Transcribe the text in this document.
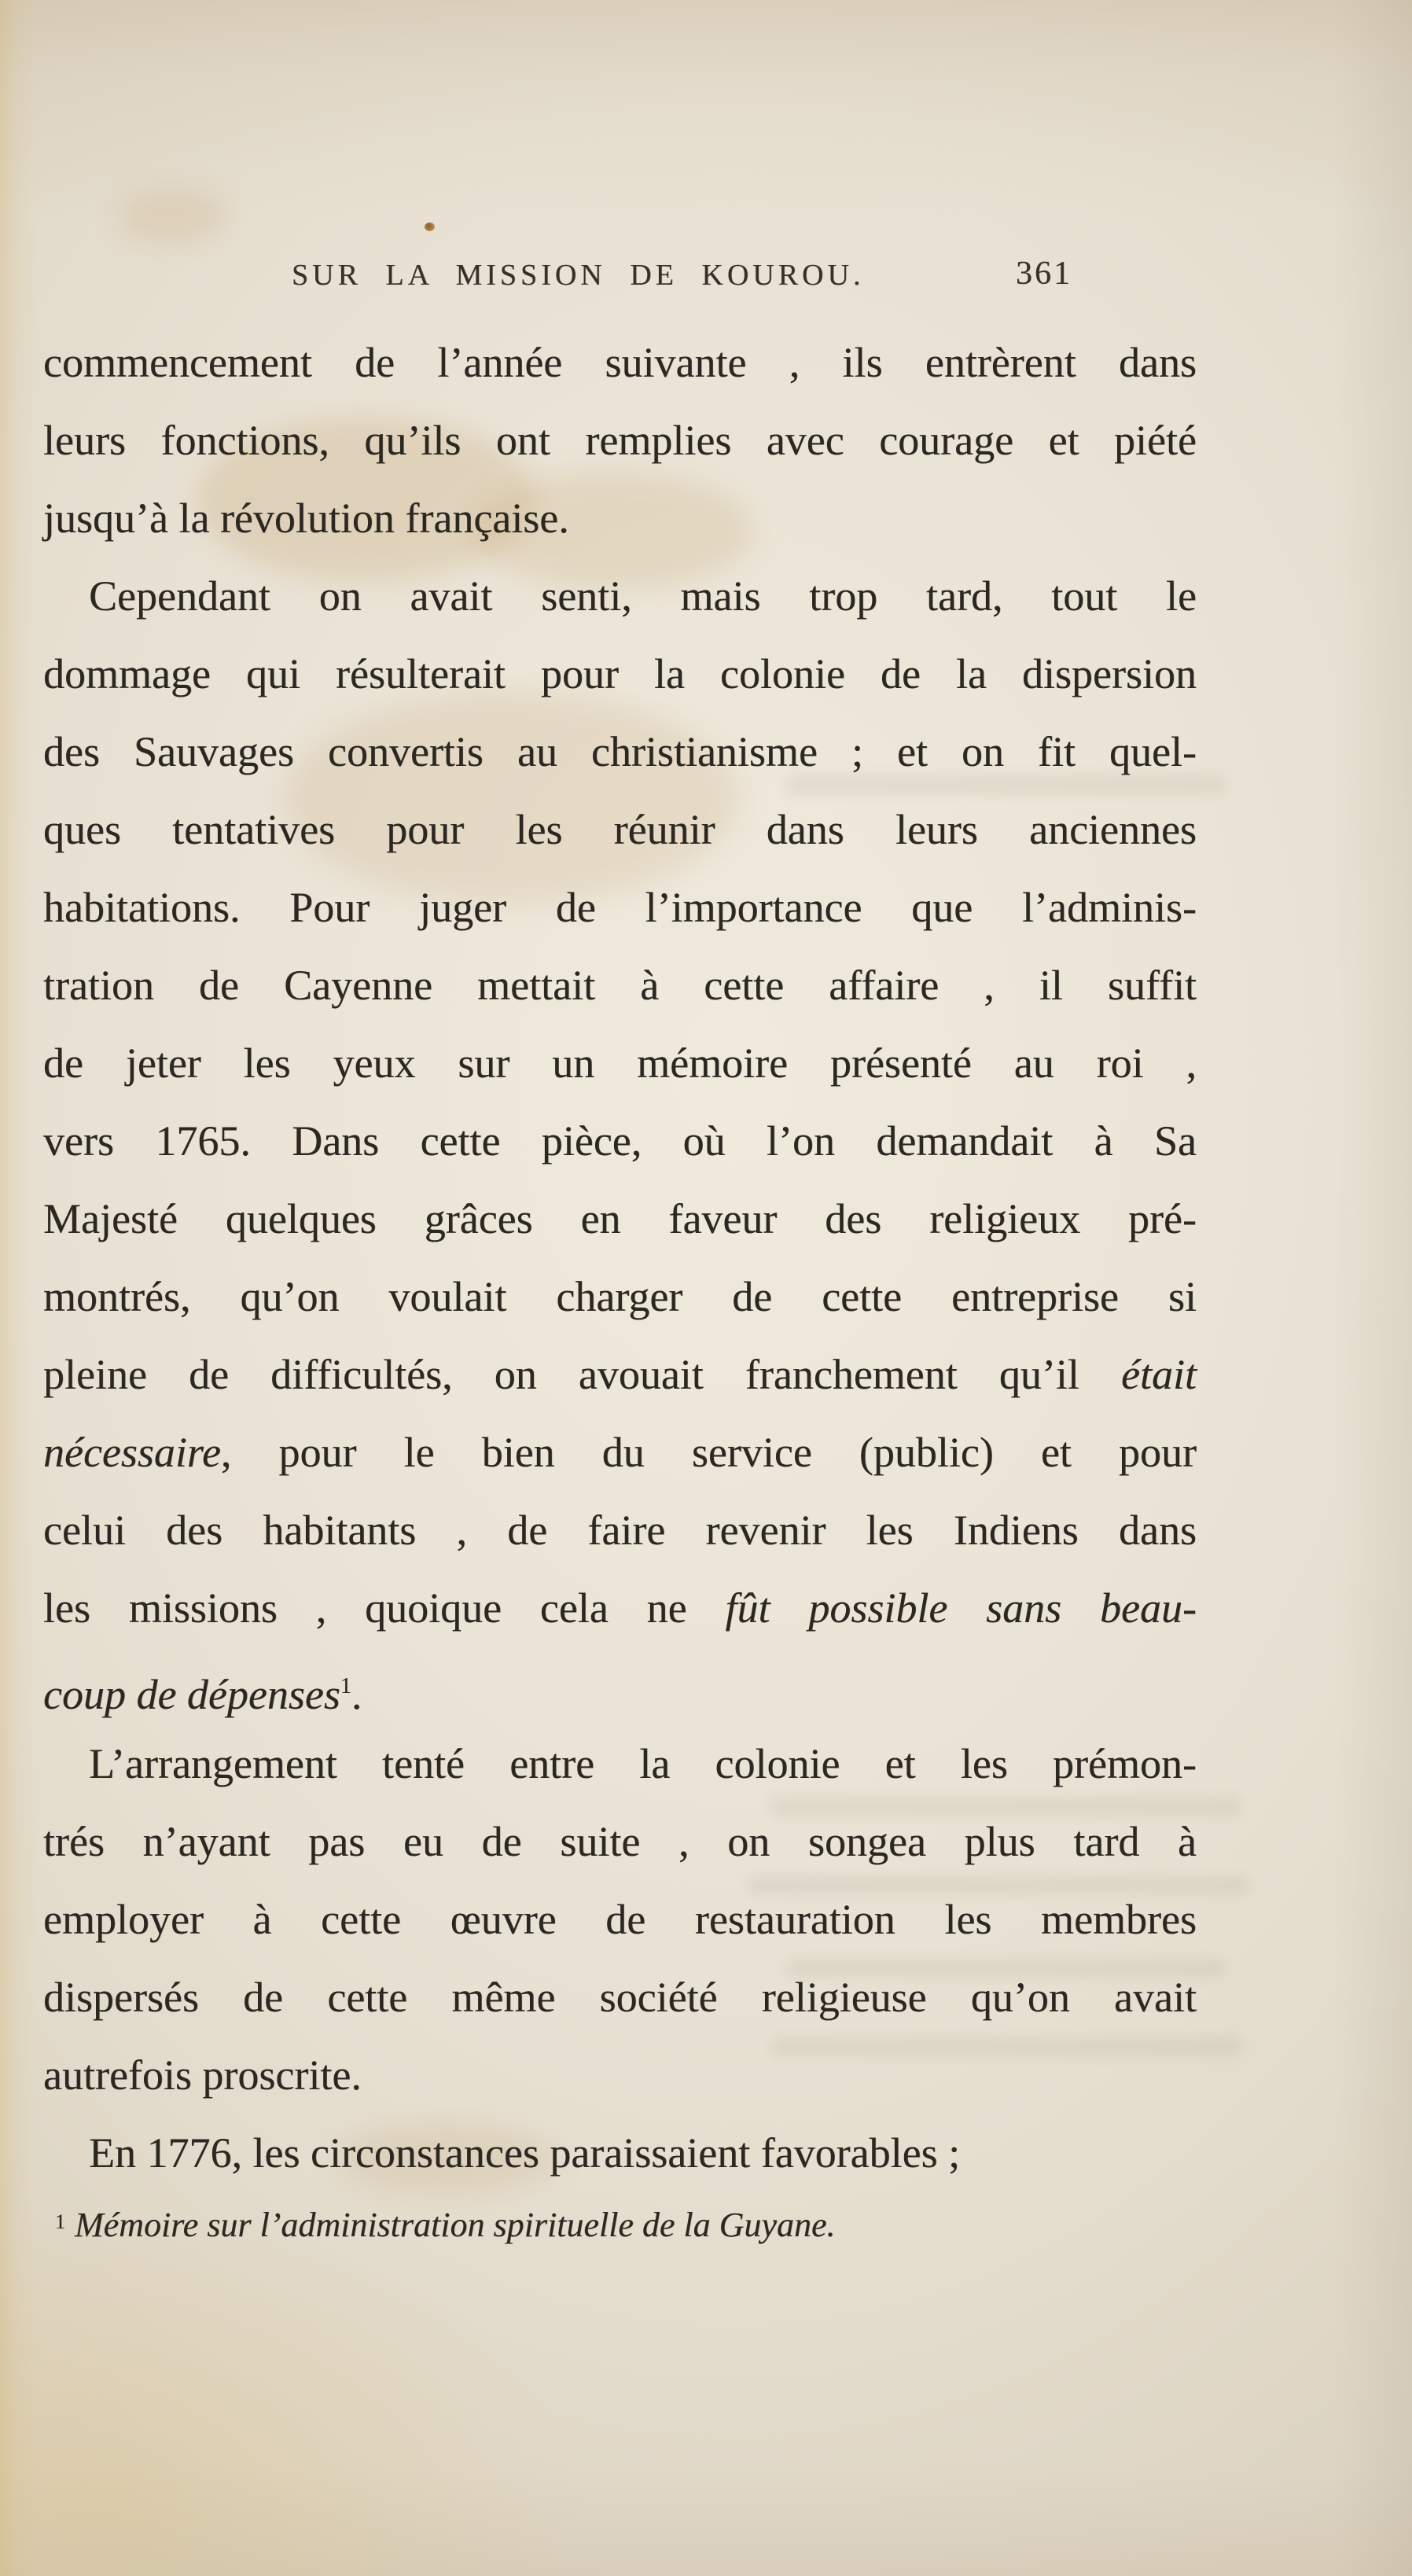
SUR LA MISSION DE KOUROU.	361
commencement de l’année suivante , ils entrèrent dans
leurs fonctions, qu’ils ont remplies avec courage et piété
jusqu’à la révolution française.
Cependant on avait senti, mais trop tard, tout le
dommage qui résulterait pour la colonie de la dispersion
des Sauvages convertis au christianisme ; et on fit quel-
ques tentatives pour les réunir dans leurs anciennes
habitations. Pour juger de l’importance que l’adminis-
tration de Cayenne mettait à cette affaire , il suffit
de jeter les yeux sur un mémoire présenté au roi ,
vers 1765. Dans cette pièce, où l’on demandait à Sa
Majesté quelques grâces en faveur des religieux pré-
montrés, qu’on voulait charger de cette entreprise si
pleine de difficultés, on avouait franchement qu’il était
nécessaire, pour le bien du service (public) et pour
celui des habitants , de faire revenir les Indiens dans
les missions , quoique cela ne fût possible sans beau-
coup de dépenses$^1$.
L’arrangement tenté entre la colonie et les prémon-
trés n’ayant pas eu de suite , on songea plus tard à
employer à cette œuvre de restauration les membres
dispersés de cette même société religieuse qu’on avait
autrefois proscrite.
En 1776, les circonstances paraissaient favorables ;
$^1$ Mémoire sur l’administration spirituelle de la Guyane.
